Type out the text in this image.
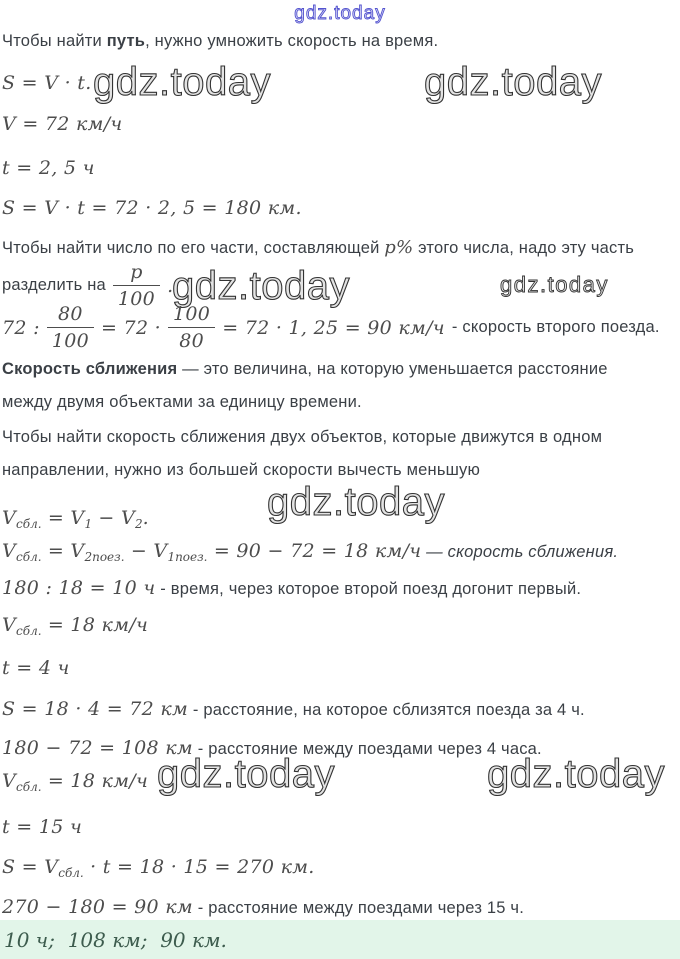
gdz.today
Чтобы найти путь, нужно умножить скорость на время.
S = V · t. gdz.today	gdz.today
V = 72 км/ч
t = 2, 5 ч
S = V · t = 72 · 2, 5 = 180 км.
Чтобы найти число по его части, составляющей p% этого числа, надо эту часть
разделить на $\frac{p}{100}$ .
gdz.today	gdz.today
72 : $\frac{80}{100} = 72 \cdot \frac{100}{80} = 72 \cdot 1$, 25 = 90 км/ч - скорость второго поезда.
Скорость сближения — это величина, на которую уменьшается расстояние
между двумя объектами за единицу времени.
Чтобы найти скорость сближения двух объектов, которые движутся в одном
направлении, нужно из большей скорости вычесть меньшую
gdz.today
$V_{сбл.} = V_1 - V_2$.
$V_{сбл.} = V_{2поез.} - V_{1поез.} = 90 - 72 = 18$ км/ч — скорость сближения.
180 : 18 = 10 ч - время, через которое второй поезд догонит первый.
$V_{сбл.} = 18$ км/ч
t = 4 ч
S = 18 · 4 = 72 км - расстояние, на которое сблизятся поезда за 4 ч.
180 − 72 = 108 км - расстояние между поездами через 4 часа.
$V_{сбл.} = 18$ км/ч gdz.today	gdz.today
t = 15 ч
$S = V_{сбл.} \cdot t = 18 \cdot 15 = 270$ км.
270 − 180 = 90 км - расстояние между поездами через 15 ч.
10 ч;  108 км;  90 км.
